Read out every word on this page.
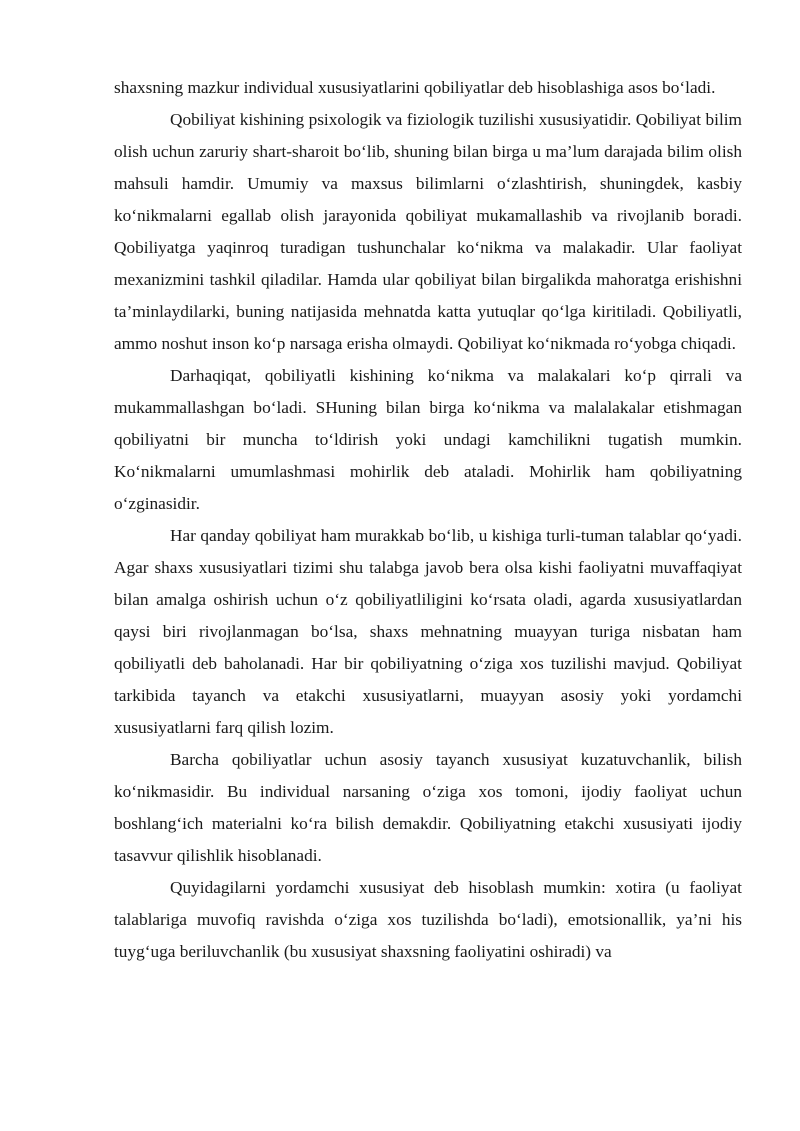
shaxsning mazkur individual xususiyatlarini qobiliyatlar deb hisoblashiga asos bo‘ladi.

Qobiliyat kishining psixologik va fiziologik tuzilishi xususiyatidir. Qobiliyat bilim olish uchun zaruriy shart-sharoit bo‘lib, shuning bilan birga u ma’lum darajada bilim olish mahsuli hamdir. Umumiy va maxsus bilimlarni o‘zlashtirish, shuningdek, kasbiy ko‘nikmalarni egallab olish jarayonida qobiliyat mukamallashib va rivojlanib boradi. Qobiliyatga yaqinroq turadigan tushunchalar ko‘nikma va malakadir. Ular faoliyat mexanizmini tashkil qiladilar. Hamda ular qobiliyat bilan birgalikda mahoratga erishishni ta’minlaydilarki, buning natijasida mehnatda katta yutuqlar qo‘lga kiritiladi. Qobiliyatli, ammo noshut inson ko‘p narsaga erisha olmaydi. Qobiliyat ko‘nikmada ro‘yobga chiqadi.

Darhaqiqat, qobiliyatli kishining ko‘nikma va malakalari ko‘p qirrali va mukammallashgan bo‘ladi. SHuning bilan birga ko‘nikma va malalakalar etishmagan qobiliyatni bir muncha to‘ldirish yoki undagi kamchilikni tugatish mumkin. Ko‘nikmalarni umumlashmasi mohirlik deb ataladi. Mohirlik ham qobiliyatning o‘zginasidir.

Har qanday qobiliyat ham murakkab bo‘lib, u kishiga turli-tuman talablar qo‘yadi. Agar shaxs xususiyatlari tizimi shu talabga javob bera olsa kishi faoliyatni muvaffaqiyat bilan amalga oshirish uchun o‘z qobiliyatliligini ko‘rsata oladi, agarda xususiyatlardan qaysi biri rivojlanmagan bo‘lsa, shaxs mehnatning muayyan turiga nisbatan ham qobiliyatli deb baholanadi. Har bir qobiliyatning o‘ziga xos tuzilishi mavjud. Qobiliyat tarkibida tayanch va etakchi xususiyatlarni, muayyan asosiy yoki yordamchi xususiyatlarni farq qilish lozim.

Barcha qobiliyatlar uchun asosiy tayanch xususiyat kuzatuvchanlik, bilish ko‘nikmasidir. Bu individual narsaning o‘ziga xos tomoni, ijodiy faoliyat uchun boshlang‘ich materialni ko‘ra bilish demakdir. Qobiliyatning etakchi xususiyati ijodiy tasavvur qilishlik hisoblanadi.

Quyidagilarni yordamchi xususiyat deb hisoblash mumkin: xotira (u faoliyat talablariga muvofiq ravishda o‘ziga xos tuzilishda bo‘ladi), emotsionallik, ya’ni his tuyg‘uga beriluvchanlik (bu xususiyat shaxsning faoliyatini oshiradi) va
